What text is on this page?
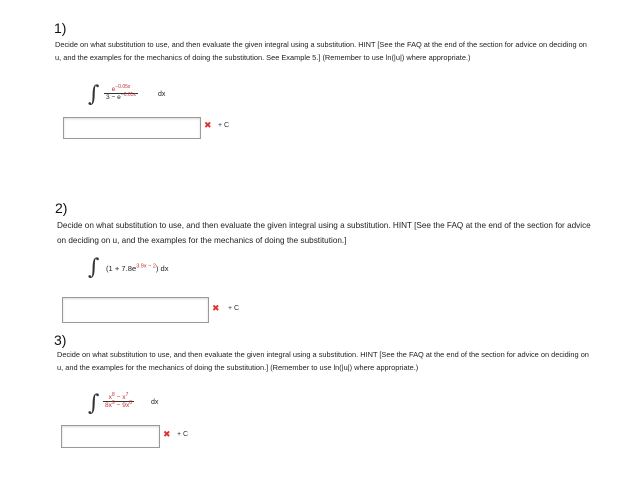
1)
Decide on what substitution to use, and then evaluate the given integral using a substitution. HINT [See the FAQ at the end of the section for advice on deciding on u, and the examples for the mechanics of doing the substitution. See Example 5.] (Remember to use ln(|u|) where appropriate.)
∫ $\frac{e^{-0.05x}}{3 - e^{-0.05x}}$	dx
✖ + C
2)
Decide on what substitution to use, and then evaluate the given integral using a substitution. HINT [See the FAQ at the end of the section for advice on deciding on u, and the examples for the mechanics of doing the substitution.]
∫ $(1 + 7.8e^{3.9x - 2})$ dx
✖ + C
3)
Decide on what substitution to use, and then evaluate the given integral using a substitution. HINT [See the FAQ at the end of the section for advice on deciding on u, and the examples for the mechanics of doing the substitution.] (Remember to use ln(|u|) where appropriate.)
∫ $\frac{x^8 - x^7}{8x^9 - 9x^8}$ dx
✖ + C
